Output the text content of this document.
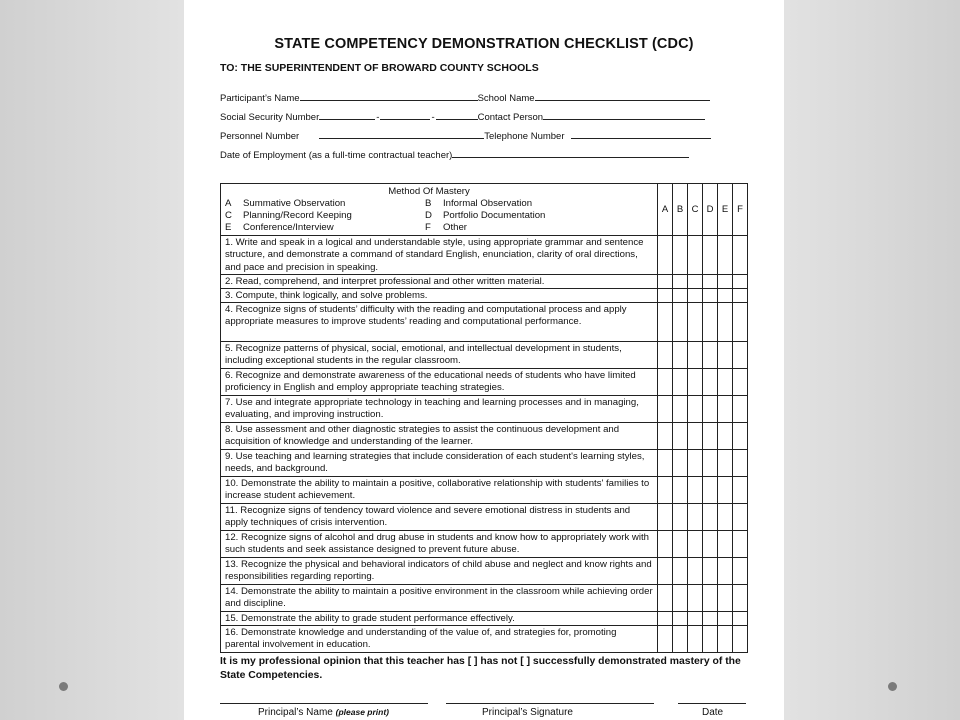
STATE COMPETENCY DEMONSTRATION CHECKLIST (CDC)
TO: THE SUPERINTENDENT OF BROWARD COUNTY SCHOOLS
Participant’s Name	School Name
Social Security Number	-	-	Contact Person
Personnel Number	Telephone Number
Date of Employment (as a full-time contractual teacher)
Method Of Mastery
A	Summative Observation	B	Informal Observation
C	Planning/Record Keeping	D	Portfolio Documentation
E	Conference/Interview	F	Other
A B C D E F
1. Write and speak in a logical and understandable style, using appropriate grammar and sentence structure, and demonstrate a command of standard English, enunciation, clarity of oral directions, and pace and precision in speaking.
2. Read, comprehend, and interpret professional and other written material.
3. Compute, think logically, and solve problems.
4. Recognize signs of students’ difficulty with the reading and computational process and apply appropriate measures to improve students’ reading and computational performance.
5. Recognize patterns of physical, social, emotional, and intellectual development in students, including exceptional students in the regular classroom.
6. Recognize and demonstrate awareness of the educational needs of students who have limited proficiency in English and employ appropriate teaching strategies.
7. Use and integrate appropriate technology in teaching and learning processes and in managing, evaluating, and improving instruction.
8. Use assessment and other diagnostic strategies to assist the continuous development and acquisition of knowledge and understanding of the learner.
9. Use teaching and learning strategies that include consideration of each student's learning styles, needs, and background.
10. Demonstrate the ability to maintain a positive, collaborative relationship with students' families to increase student achievement.
11. Recognize signs of tendency toward violence and severe emotional distress in students and apply techniques of crisis intervention.
12. Recognize signs of alcohol and drug abuse in students and know how to appropriately work with such students and seek assistance designed to prevent future abuse.
13. Recognize the physical and behavioral indicators of child abuse and neglect and know rights and responsibilities regarding reporting.
14. Demonstrate the ability to maintain a positive environment in the classroom while achieving order and discipline.
15. Demonstrate the ability to grade student performance effectively.
16. Demonstrate knowledge and understanding of the value of, and strategies for, promoting parental involvement in education.
It is my professional opinion that this teacher has [ ] has not [ ] successfully demonstrated mastery of the State Competencies.
Principal’s Name (please print)	Principal’s Signature	Date
